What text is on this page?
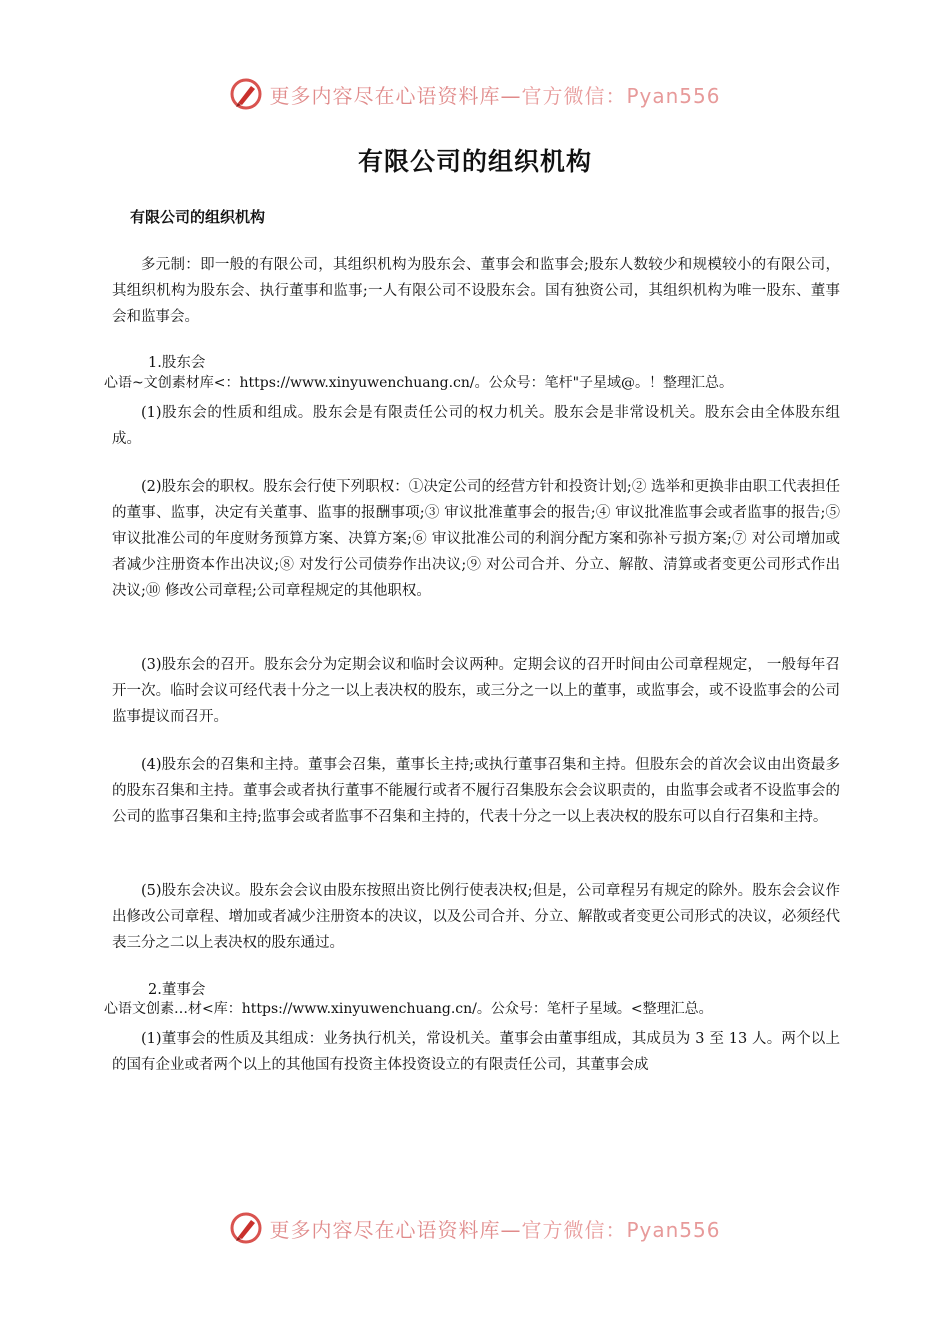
更多内容尽在心语资料库—官方微信：Pyan556
有限公司的组织机构
有限公司的组织机构

多元制：即一般的有限公司，其组织机构为股东会、董事会和监事会;股东人数较少和规模较小的有限公司，其组织机构为股东会、执行董事和监事;一人有限公司不设股东会。国有独资公司，其组织机构为唯一股东、董事会和监事会。

1.股东会
心语~文创素材库<：https://www.xinyuwenchuang.cn/。公众号：笔杆"子星域@。！整理汇总。

(1)股东会的性质和组成。股东会是有限责任公司的权力机关。股东会是非常设机关。股东会由全体股东组成。

(2)股东会的职权。股东会行使下列职权：①决定公司的经营方针和投资计划;② 选举和更换非由职工代表担任的董事、监事，决定有关董事、监事的报酬事项;③ 审议批准董事会的报告;④ 审议批准监事会或者监事的报告;⑤ 审议批准公司的年度财务预算方案、决算方案;⑥ 审议批准公司的利润分配方案和弥补亏损方案;⑦ 对公司增加或者减少注册资本作出决议;⑧ 对发行公司债券作出决议;⑨ 对公司合并、分立、解散、清算或者变更公司形式作出决议;⑩ 修改公司章程;公司章程规定的其他职权。

(3)股东会的召开。股东会分为定期会议和临时会议两种。定期会议的召开时间由公司章程规定， 一般每年召开一次。临时会议可经代表十分之一以上表决权的股东，或三分之一以上的董事，或监事会，或不设监事会的公司监事提议而召开。

(4)股东会的召集和主持。董事会召集，董事长主持;或执行董事召集和主持。但股东会的首次会议由出资最多的股东召集和主持。董事会或者执行董事不能履行或者不履行召集股东会会议职责的，由监事会或者不设监事会的公司的监事召集和主持;监事会或者监事不召集和主持的，代表十分之一以上表决权的股东可以自行召集和主持。

(5)股东会决议。股东会会议由股东按照出资比例行使表决权;但是，公司章程另有规定的除外。股东会会议作出修改公司章程、增加或者减少注册资本的决议，以及公司合并、分立、解散或者变更公司形式的决议，必须经代表三分之二以上表决权的股东通过。

2.董事会
心语文创素…材<库：https://www.xinyuwenchuang.cn/。公众号：笔杆子星域。<整理汇总。

(1)董事会的性质及其组成：业务执行机关，常设机关。董事会由董事组成，其成员为 3 至 13 人。两个以上的国有企业或者两个以上的其他国有投资主体投资设立的有限责任公司，其董事会成

更多内容尽在心语资料库—官方微信：Pyan556
